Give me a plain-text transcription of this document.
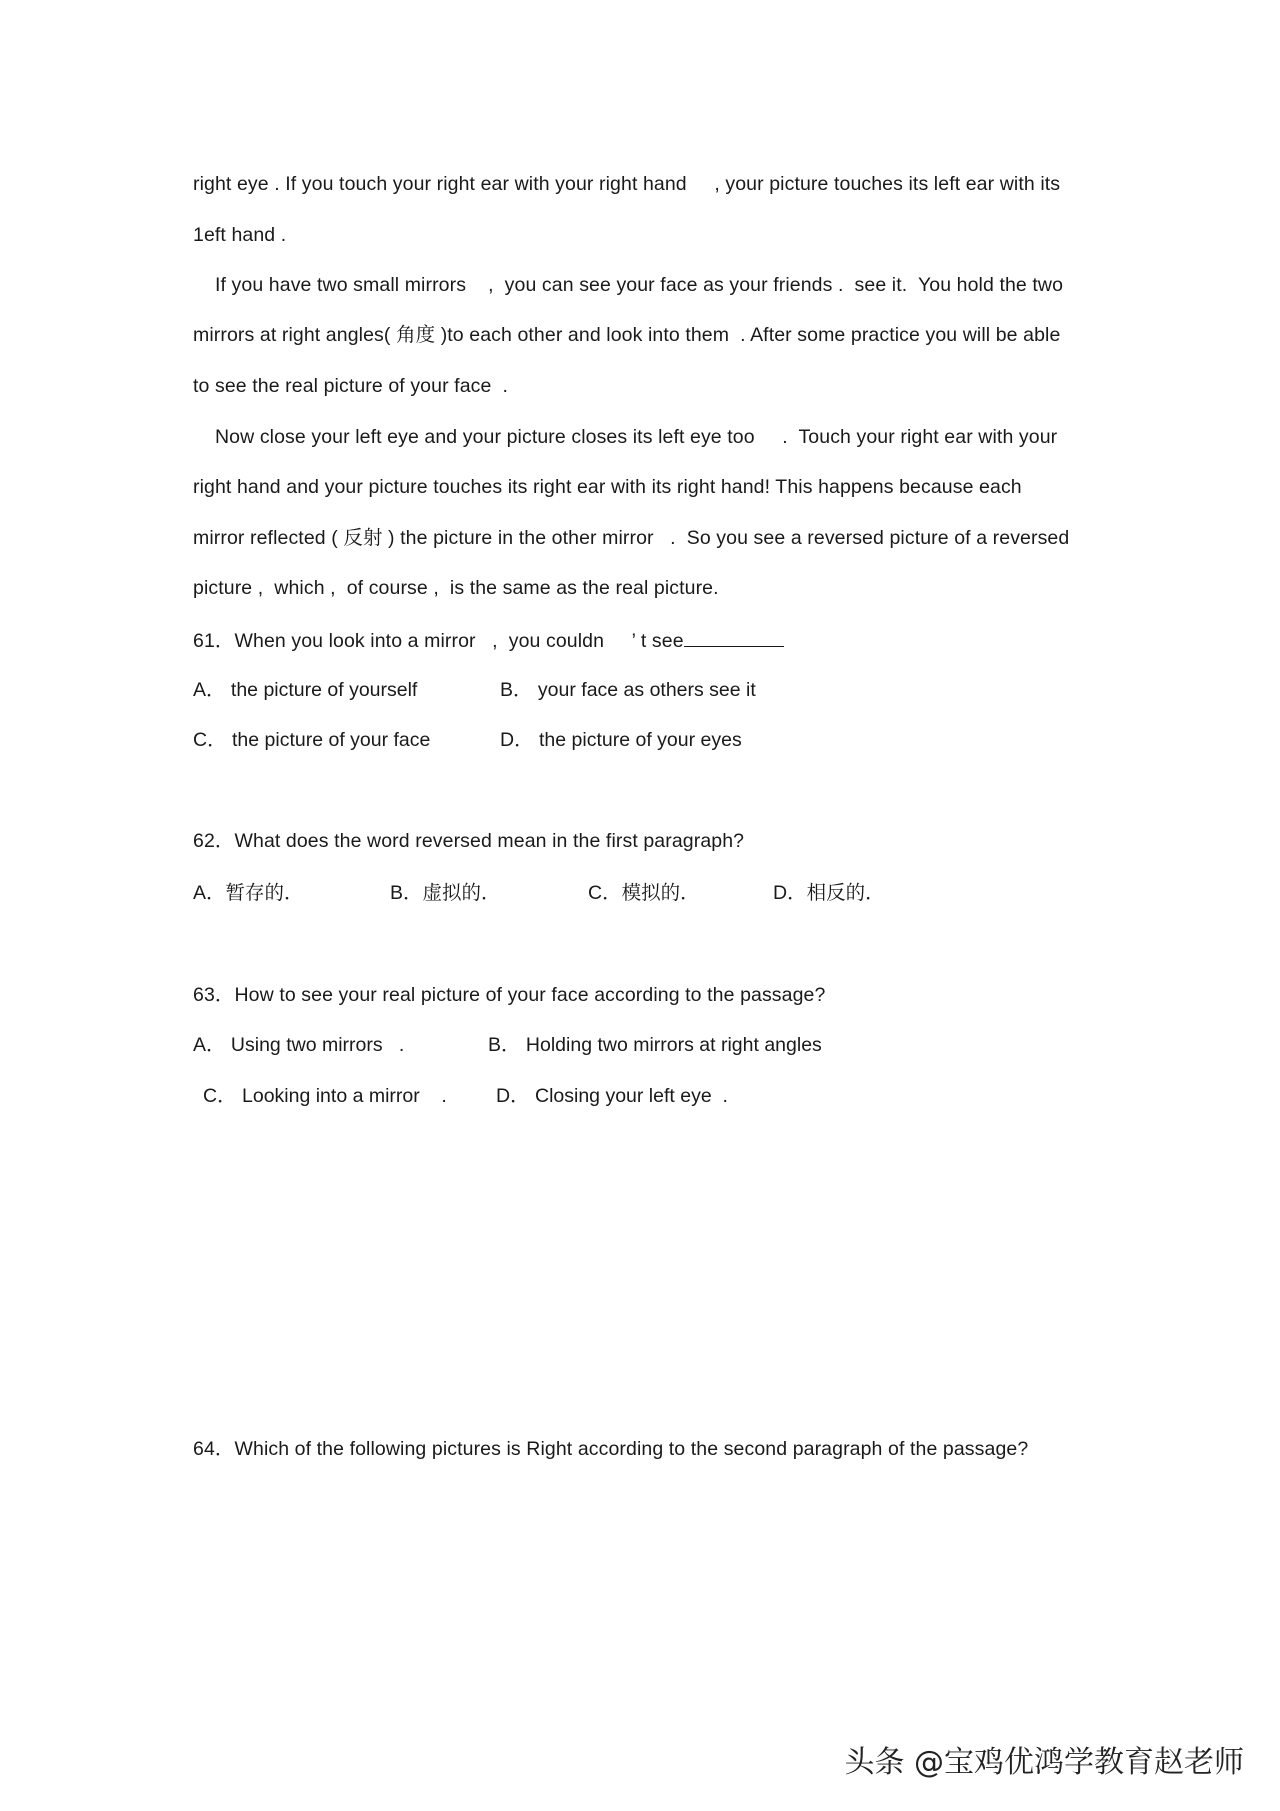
right eye . If you touch your right ear with your right hand     , your picture touches its left ear with its
1eft hand .
If you have two small mirrors    ,  you can see your face as your friends .  see it.  You hold the two
mirrors at right angles( 角度 )to each other and look into them  . After some practice you will be able
to see the real picture of your face  .
Now close your left eye and your picture closes its left eye too     .  Touch your right ear with your
right hand and your picture touches its right ear with its right hand! This happens because each
mirror reflected ( 反射 ) the picture in the other mirror   .  So you see a reversed picture of a reversed
picture ,  which ,  of course ,  is the same as the real picture.
61．When you look into a mirror   ,  you couldn     ’ t see
A． the picture of yourself	B． your face as others see it
C． the picture of your face	D． the picture of your eyes
62．What does the word reversed mean in the first paragraph?
A．暂存的．	B．虚拟的．	C．模拟的．	D．相反的．
63．How to see your real picture of your face according to the passage?
A． Using two mirrors   .	B． Holding two mirrors at right angles
C． Looking into a mirror    .	D． Closing your left eye  .
64．Which of the following pictures is Right according to the second paragraph of the passage?
头条 @宝鸡优鸿学教育赵老师
